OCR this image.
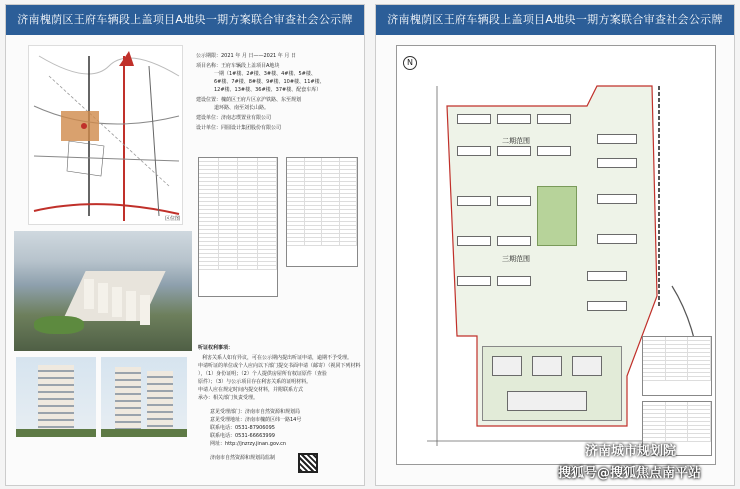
济南槐荫区王府车辆段上盖项目A地块一期方案联合审查社会公示牌
区位图
公示期限：2021 年 月 日——2021 年 月 日
项目名称：王府车辆段上盖项目A地块
一期（1#楼、2#楼、3#楼、4#楼、5#楼、
6#楼、7#楼、8#楼、9#楼、10#楼、11#楼、
12#楼、13#楼、36#楼、37#楼、配套车库）
建设位置：槐荫区王府片区京沪铁路、东至规划
道环路、南至刘长山路。
建设单位：济南志璞置业有限公司
设计单位：同圆设计集团股份有限公司
听证权利事项：
利害关系人如有异议，可在公示期内提出听证申请，逾期不予受理。
申请听证的单位或个人应向以下部门提交书面申请（邮寄）（视同下列材料
），（1）身份证明；（2）个人提供房屋所有权证原件（查验
原件）；（3）与公示项目存在利害关系的证明材料。
申请人应在规定时间内提交材料，并附联系方式
承办：相关部门负责受理。
意见受理部门：济南市自然资源和规划局
意见受理地址：济南市槐荫区纬一路14号
联系电话：0531-87906095
联系电话：0531-66663999
网址：http://jnzrzy.jinan.gov.cn
济南市自然资源和规划局监制
济南槐荫区王府车辆段上盖项目A地块一期方案联合审查社会公示牌
N
二期范围
三期范围
济南城市规划院
搜狐号@搜狐焦点南平站
